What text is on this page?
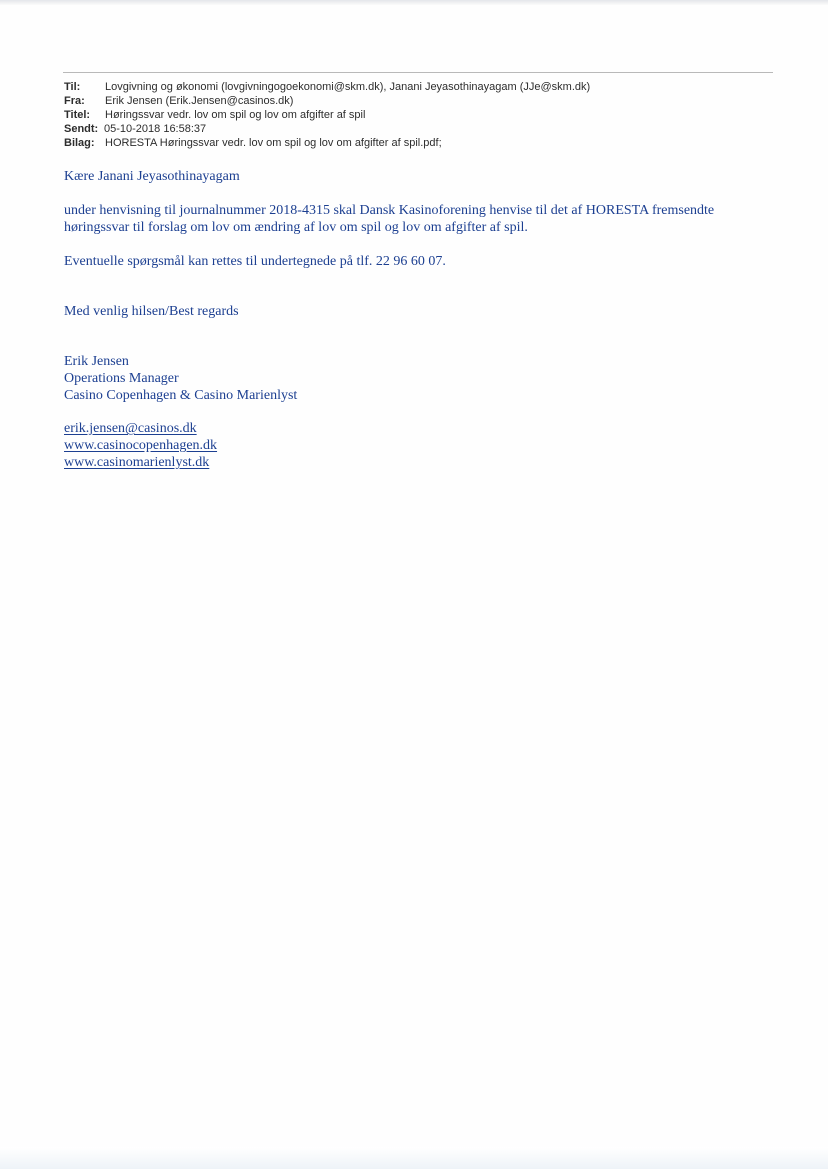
Til:	Lovgivning og økonomi (lovgivningogoekonomi@skm.dk), Janani Jeyasothinayagam (JJe@skm.dk)
Fra:	Erik Jensen (Erik.Jensen@casinos.dk)
Titel:	Høringssvar vedr. lov om spil og lov om afgifter af spil
Sendt: 05-10-2018 16:58:37
Bilag: HORESTA Høringssvar vedr. lov om spil og lov om afgifter af spil.pdf;

Kære Janani Jeyasothinayagam

under henvisning til journalnummer 2018-4315 skal Dansk Kasinoforening henvise til det af HORESTA fremsendte

høringssvar til forslag om lov om ændring af lov om spil og lov om afgifter af spil.

Eventuelle spørgsmål kan rettes til undertegnede på tlf. 22 96 60 07.

Med venlig hilsen/Best regards

Erik Jensen

Operations Manager

Casino Copenhagen & Casino Marienlyst

erik.jensen@casinos.dk
www.casinocopenhagen.dk
www.casinomarienlyst.dk
